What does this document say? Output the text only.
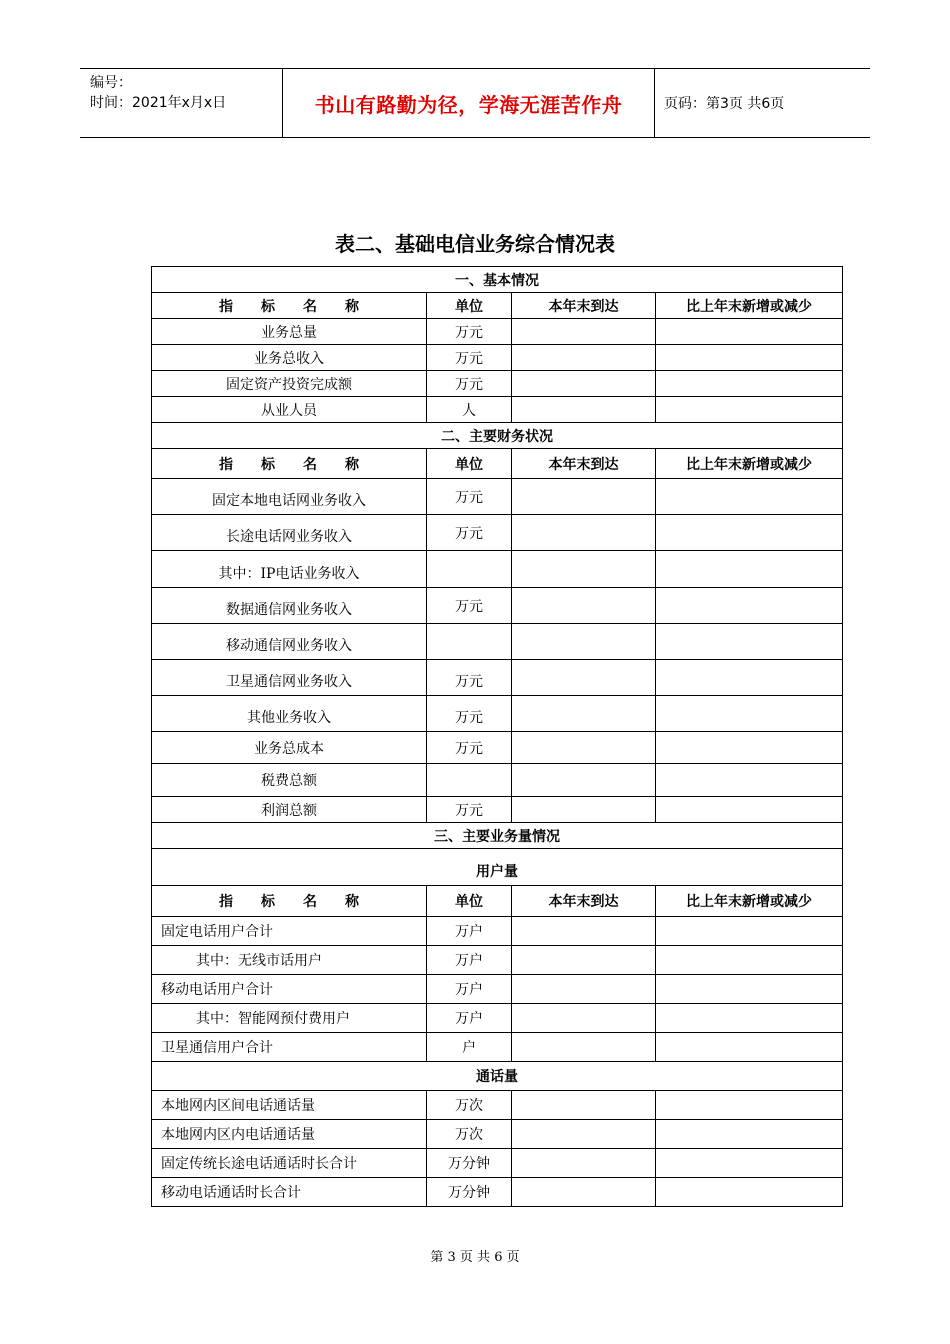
编号：
时间：2021年x月x日	书山有路勤为径，学海无涯苦作舟	页码：第3页 共6页
表二、基础电信业务综合情况表
一、基本情况			
指　　标　　名　　称	单位	本年末到达	比上年末新增或减少
业务总量	万元		
业务总收入	万元		
固定资产投资完成额	万元		
从业人员	人		
二、主要财务状况			
指　　标　　名　　称	单位	本年末到达	比上年末新增或减少
固定本地电话网业务收入	万元		
长途电话网业务收入	万元		
其中：IP电话业务收入			
数据通信网业务收入	万元		
移动通信网业务收入			
卫星通信网业务收入	万元		
其他业务收入	万元		
业务总成本	万元		
税费总额			
利润总额	万元		
三、主要业务量情况			
用户量			
指　　标　　名　　称	单位	本年末到达	比上年末新增或减少
固定电话用户合计	万户		
其中：无线市话用户	万户		
移动电话用户合计	万户		
其中：智能网预付费用户	万户		
卫星通信用户合计	户		
通话量			
本地网内区间电话通话量	万次		
本地网内区内电话通话量	万次		
固定传统长途电话通话时长合计	万分钟		
移动电话通话时长合计	万分钟		
第 3 页 共 6 页
